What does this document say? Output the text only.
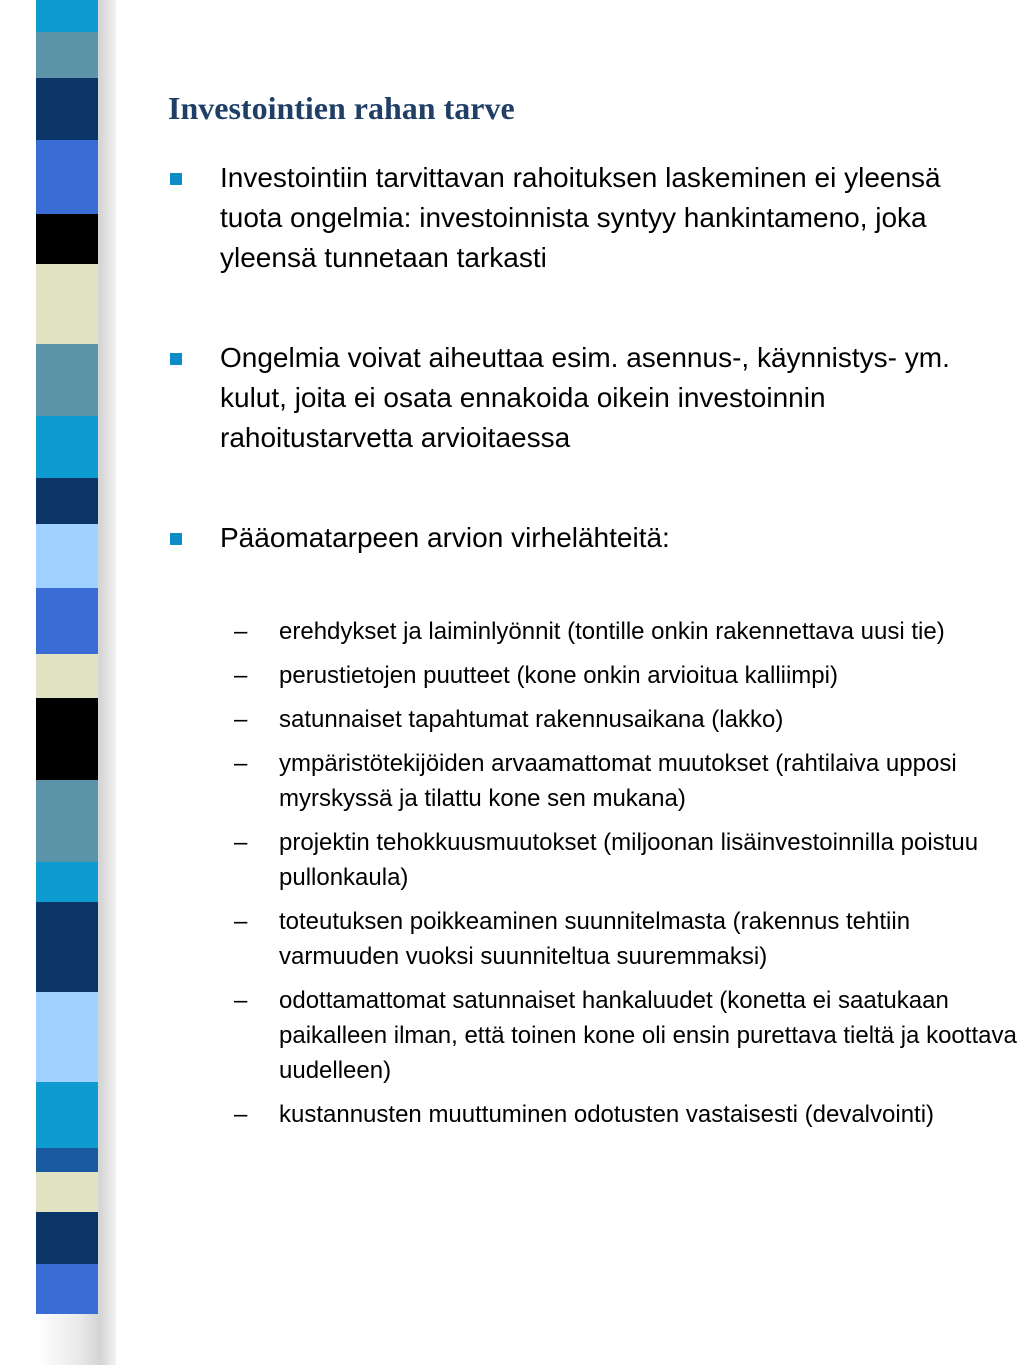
Investointien rahan tarve
Investointiin tarvittavan rahoituksen laskeminen ei yleensä tuota ongelmia: investoinnista syntyy hankintameno, joka yleensä tunnetaan tarkasti
Ongelmia voivat aiheuttaa esim. asennus-, käynnistys- ym. kulut, joita ei osata ennakoida oikein investoinnin rahoitustarvetta arvioitaessa
Pääomatarpeen arvion virhelähteitä:
– erehdykset ja laiminlyönnit (tontille onkin rakennettava uusi tie)
– perustietojen puutteet (kone onkin arvioitua kalliimpi)
– satunnaiset tapahtumat rakennusaikana (lakko)
– ympäristötekijöiden arvaamattomat muutokset (rahtilaiva upposi myrskyssä ja tilattu kone sen mukana)
– projektin tehokkuusmuutokset (miljoonan lisäinvestoinnilla poistuu pullonkaula)
– toteutuksen poikkeaminen suunnitelmasta (rakennus tehtiin varmuuden vuoksi suunniteltua suuremmaksi)
– odottamattomat satunnaiset hankaluudet (konetta ei saatukaan paikalleen ilman, että toinen kone oli ensin purettava tieltä ja koottava uudelleen)
– kustannusten muuttuminen odotusten vastaisesti (devalvointi)
